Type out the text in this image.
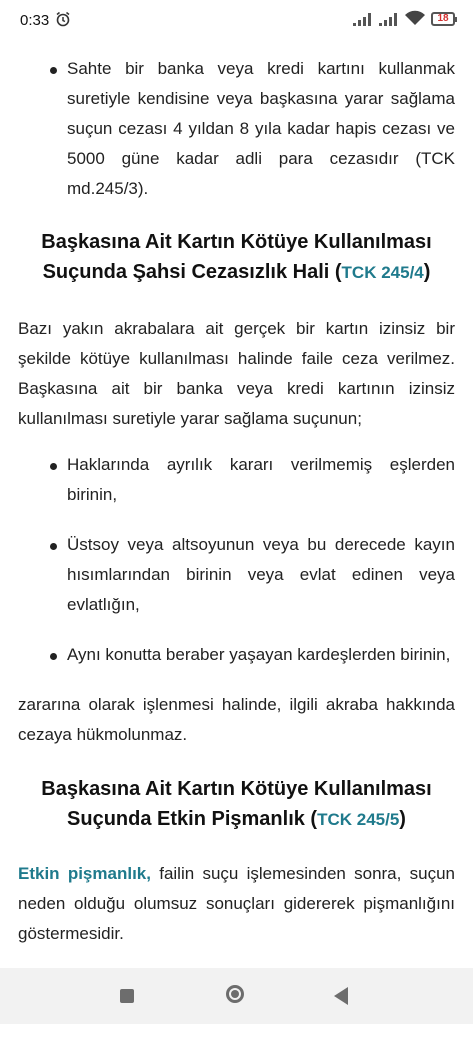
Sahte bir banka veya kredi kartını kullanmak suretiyle kendisine veya başkasına yarar sağlama suçun cezası 4 yıldan 8 yıla kadar hapis cezası ve 5000 güne kadar adli para cezasıdır (TCK md.245/3).
Başkasına Ait Kartın Kötüye Kullanılması Suçunda Şahsi Cezasızlık Hali (TCK 245/4)

Bazı yakın akrabalara ait gerçek bir kartın izinsiz bir şekilde kötüye kullanılması halinde faile ceza verilmez. Başkasına ait bir banka veya kredi kartının izinsiz kullanılması suretiyle yarar sağlama suçunun;

Haklarında ayrılık kararı verilmemiş eşlerden birinin,
Üstsoy veya altsoyunun veya bu derecede kayın hısımlarından birinin veya evlat edinen veya evlatlığın,
Aynı konutta beraber yaşayan kardeşlerden birinin,

zararına olarak işlenmesi halinde, ilgili akraba hakkında cezaya hükmolunmaz.

Başkasına Ait Kartın Kötüye Kullanılması Suçunda Etkin Pişmanlık (TCK 245/5)

Etkin pişmanlık, failin suçu işlemesinden sonra, suçun neden olduğu olumsuz sonuçları gidererek pişmanlığını göstermesidir.

0:33	18
